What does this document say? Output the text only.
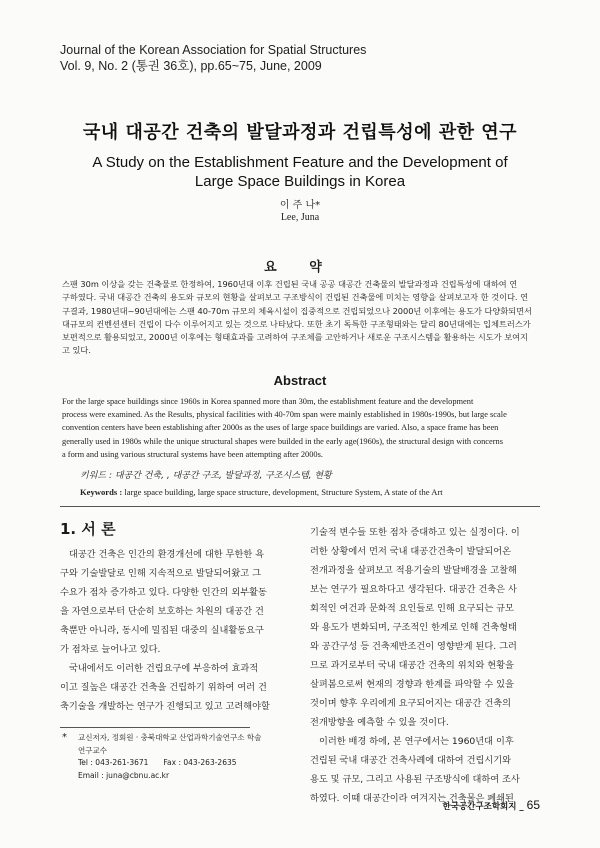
Journal of the Korean Association for Spatial Structures
Vol. 9, No. 2 (통권 36호), pp.65~75, June, 2009
국내 대공간 건축의 발달과정과 건립특성에 관한 연구
A Study on the Establishment Feature and the Development of
Large Space Buildings in Korea
이 주 나*
Lee, Juna
요 약
스팬 30m 이상을 갖는 건축물로 한정하여, 1960년대 이후 건립된 국내 공공 대공간 건축물의 발달과정과 건립특성에 대하여 연
구하였다. 국내 대공간 건축의 용도와 규모의 현황을 살펴보고 구조방식이 건립된 건축물에 미치는 영향을 살펴보고자 한 것이다. 연
구결과, 1980년대~90년대에는 스팬 40-70m 규모의 체육시설이 집중적으로 건립되었으나 2000년 이후에는 용도가 다양화되면서
대규모의 컨벤션센터 건립이 다수 이루어지고 있는 것으로 나타났다. 또한 초기 독특한 구조형태와는 달리 80년대에는 입체트러스가
보편적으로 활용되었고, 2000년 이후에는 형태효과를 고려하여 구조체를 고안하거나 새로운 구조시스템을 활용하는 시도가 보여지
고 있다.
Abstract
For the large space buildings since 1960s in Korea spanned more than 30m, the establishment feature and the development
process were examined. As the Results, physical facilities with 40-70m span were mainly established in 1980s-1990s, but large scale
convention centers have been establishing after 2000s as the uses of large space buildings are varied. Also, a space frame has been
generally used in 1980s while the unique structural shapes were builded in the early age(1960s), the structural design with concerns
a form and using various structural systems have been attempting after 2000s.
키워드 : 대공간 건축, , 대공간 구조, 발달과정, 구조시스템, 현황
Keywords : large space building, large space structure, development, Structure System, A state of the Art
1. 서 론
대공간 건축은 인간의 환경개선에 대한 무한한 욕
구와 기술발달로 인해 지속적으로 발달되어왔고 그
수요가 점차 증가하고 있다. 다양한 인간의 외부활동
을 자연으로부터 단순히 보호하는 차원의 대공간 건
축뿐만 아니라, 동시에 밀집된 대중의 실내활동요구
가 점차로 늘어나고 있다.
국내에서도 이러한 건립요구에 부응하여 효과적
이고 질높은 대공간 건축을 건립하기 위하여 여러 건
축기술을 개발하는 연구가 진행되고 있고 고려해야할
기술적 변수들 또한 점차 증대하고 있는 실정이다. 이
러한 상황에서 먼저 국내 대공간건축이 발달되어온
전개과정을 살펴보고 적용기술의 발달배경을 고찰해
보는 연구가 필요하다고 생각된다. 대공간 건축은 사
회적인 여건과 문화적 요인들로 인해 요구되는 규모
와 용도가 변화되며, 구조적인 한계로 인해 건축형태
와 공간구성 등 건축제반조건이 영향받게 된다. 그러
므로 과거로부터 국내 대공간 건축의 위치와 현황을
살펴봄으로써 현재의 경향과 한계를 파악할 수 있을
것이며 향후 우리에게 요구되어지는 대공간 건축의
전개방향을 예측할 수 있을 것이다.
이러한 배경 하에, 본 연구에서는 1960년대 이후
건립된 국내 대공간 건축사례에 대하여 건립시기와
용도 및 규모, 그리고 사용된 구조방식에 대하여 조사
하였다. 이때 대공간이라 여겨지는 건축물은 폐쇄된
* 교신저자, 정회원 · 충북대학교 산업과학기술연구소 학술
연구교수
Tel : 043-261-3671　　Fax : 043-263-2635
Email : juna@cbnu.ac.kr
한국공간구조학회지 _ 65
